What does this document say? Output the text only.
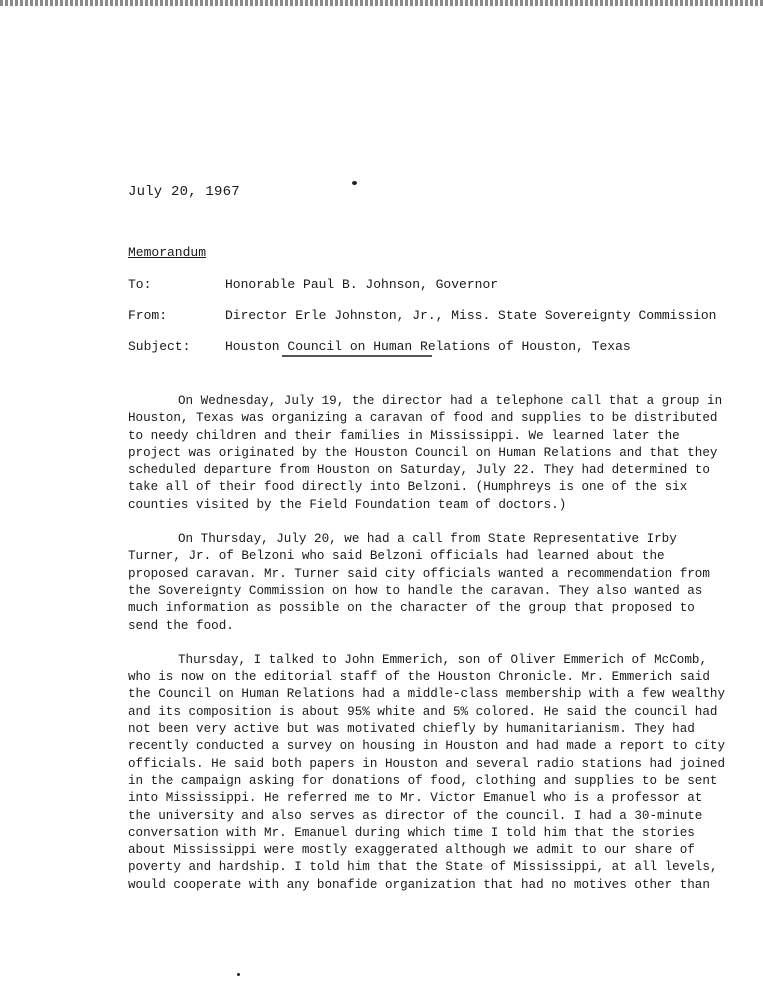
July 20, 1967
Memorandum
To:	Honorable Paul B. Johnson, Governor
From:	Director Erle Johnston, Jr., Miss. State Sovereignty Commission
Subject:	Houston Council on Human Relations of Houston, Texas

On Wednesday, July 19, the director had a telephone call that a group in Houston, Texas was organizing a caravan of food and supplies to be distributed to needy children and their families in Mississippi. We learned later the project was originated by the Houston Council on Human Relations and that they scheduled departure from Houston on Saturday, July 22. They had determined to take all of their food directly into Belzoni. (Humphreys is one of the six counties visited by the Field Foundation team of doctors.)

On Thursday, July 20, we had a call from State Representative Irby Turner, Jr. of Belzoni who said Belzoni officials had learned about the proposed caravan. Mr. Turner said city officials wanted a recommendation from the Sovereignty Commission on how to handle the caravan. They also wanted as much information as possible on the character of the group that proposed to send the food.

Thursday, I talked to John Emmerich, son of Oliver Emmerich of McComb, who is now on the editorial staff of the Houston Chronicle. Mr. Emmerich said the Council on Human Relations had a middle-class membership with a few wealthy and its composition is about 95% white and 5% colored. He said the council had not been very active but was motivated chiefly by humanitarianism. They had recently conducted a survey on housing in Houston and had made a report to city officials. He said both papers in Houston and several radio stations had joined in the campaign asking for donations of food, clothing and supplies to be sent into Mississippi. He referred me to Mr. Victor Emanuel who is a professor at the university and also serves as director of the council. I had a 30-minute conversation with Mr. Emanuel during which time I told him that the stories about Mississippi were mostly exaggerated although we admit to our share of poverty and hardship. I told him that the State of Mississippi, at all levels, would cooperate with any bonafide organization that had no motives other than
